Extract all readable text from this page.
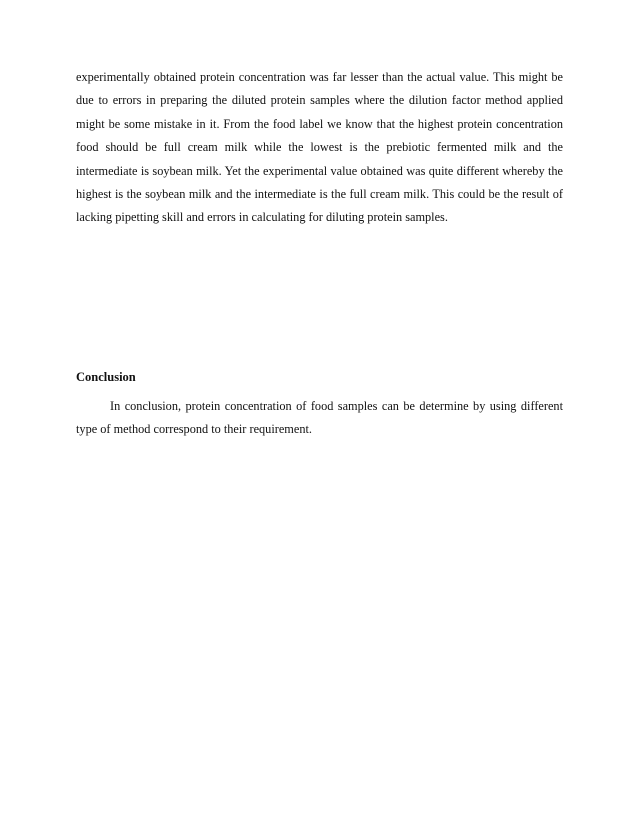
experimentally obtained protein concentration was far lesser than the actual value. This might be due to errors in preparing the diluted protein samples where the dilution factor method applied might be some mistake in it. From the food label we know that the highest protein concentration food should be full cream milk while the lowest is the prebiotic fermented milk and the intermediate is soybean milk. Yet the experimental value obtained was quite different whereby the highest is the soybean milk and the intermediate is the full cream milk. This could be the result of lacking pipetting skill and errors in calculating for diluting protein samples.

Conclusion

In conclusion, protein concentration of food samples can be determine by using different type of method correspond to their requirement.
